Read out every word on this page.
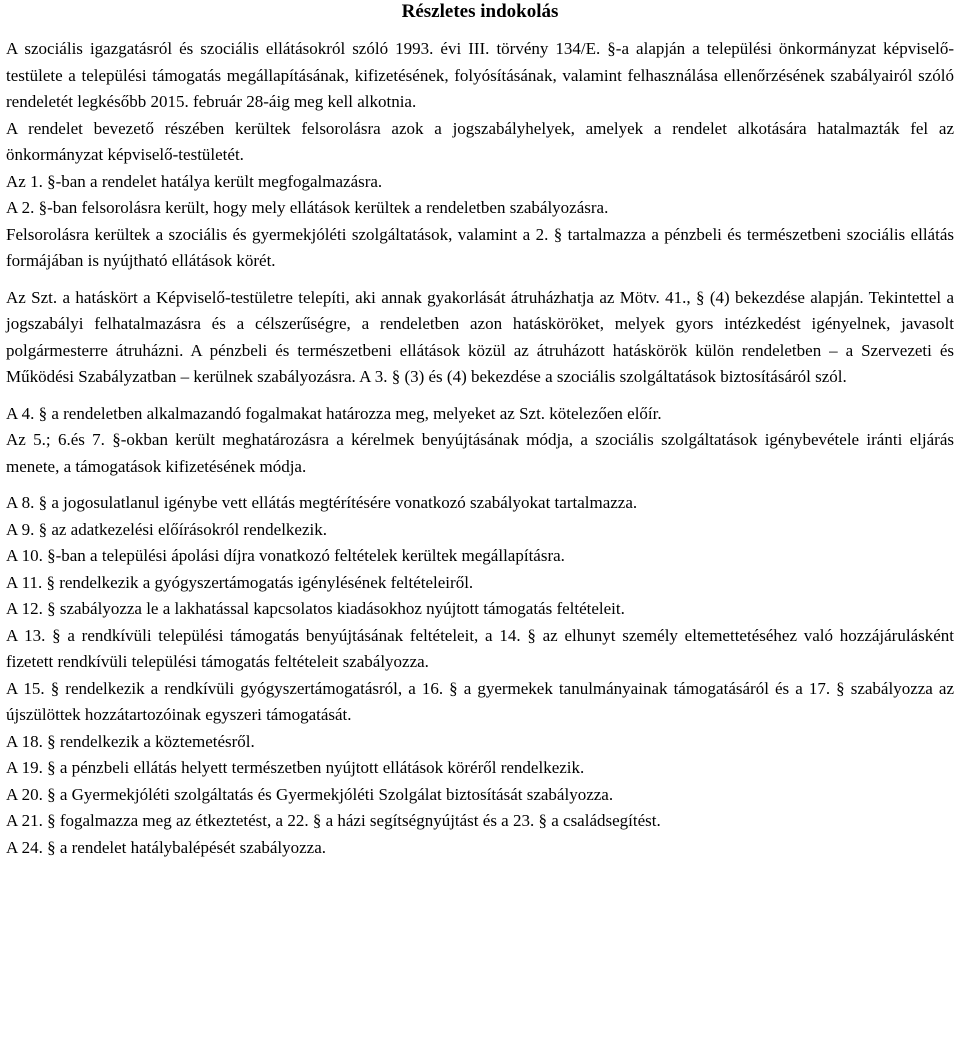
Részletes indokolás

A szociális igazgatásról és szociális ellátásokról szóló 1993. évi III. törvény 134/E. §-a alapján a települési önkormányzat képviselő-testülete a települési támogatás megállapításának, kifizetésének, folyósításának, valamint felhasználása ellenőrzésének szabályairól szóló rendeletét legkésőbb 2015. február 28-áig meg kell alkotnia.

A rendelet bevezető részében kerültek felsorolásra azok a jogszabályhelyek, amelyek a rendelet alkotására hatalmazták fel az önkormányzat képviselő-testületét.

Az 1. §-ban a rendelet hatálya került megfogalmazásra.

A 2. §-ban felsorolásra került, hogy mely ellátások kerültek a rendeletben szabályozásra.

Felsorolásra kerültek a szociális és gyermekjóléti szolgáltatások, valamint a 2. § tartalmazza a pénzbeli és természetbeni szociális ellátás formájában is nyújtható ellátások körét.

Az Szt. a hatáskört a Képviselő-testületre telepíti, aki annak gyakorlását átruházhatja az Mötv. 41., § (4) bekezdése alapján. Tekintettel a jogszabályi felhatalmazásra és a célszerűségre, a rendeletben azon hatásköröket, melyek gyors intézkedést igényelnek, javasolt polgármesterre átruházni. A pénzbeli és természetbeni ellátások közül az átruházott hatáskörök külön rendeletben – a Szervezeti és Működési Szabályzatban – kerülnek szabályozásra. A 3. § (3) és (4) bekezdése a szociális szolgáltatások biztosításáról szól.

A 4. § a rendeletben alkalmazandó fogalmakat határozza meg, melyeket az Szt. kötelezően előír.

Az 5.; 6.és 7. §-okban került meghatározásra a kérelmek benyújtásának módja, a szociális szolgáltatások igénybevétele iránti eljárás menete, a támogatások kifizetésének módja.

A 8. § a jogosulatlanul igénybe vett ellátás megtérítésére vonatkozó szabályokat tartalmazza.

A 9. § az adatkezelési előírásokról rendelkezik.

A 10. §-ban a települési ápolási díjra vonatkozó feltételek kerültek megállapításra.

A 11. § rendelkezik a gyógyszertámogatás igénylésének feltételeiről.

A 12. § szabályozza le a lakhatással kapcsolatos kiadásokhoz nyújtott támogatás feltételeit.

A 13. § a rendkívüli települési támogatás benyújtásának feltételeit, a 14. § az elhunyt személy eltemettetéséhez való hozzájárulásként fizetett rendkívüli települési támogatás feltételeit szabályozza.

A 15. § rendelkezik a rendkívüli gyógyszertámogatásról, a 16. § a gyermekek tanulmányainak támogatásáról és a 17. § szabályozza az újszülöttek hozzátartozóinak egyszeri támogatását.

A 18. § rendelkezik a köztemetésről.

A 19. § a pénzbeli ellátás helyett természetben nyújtott ellátások köréről rendelkezik.

A 20. § a Gyermekjóléti szolgáltatás és Gyermekjóléti Szolgálat biztosítását szabályozza.

A 21. § fogalmazza meg az étkeztetést, a 22. § a házi segítségnyújtást és a 23. § a családsegítést.

A 24. § a rendelet hatálybalépését szabályozza.
